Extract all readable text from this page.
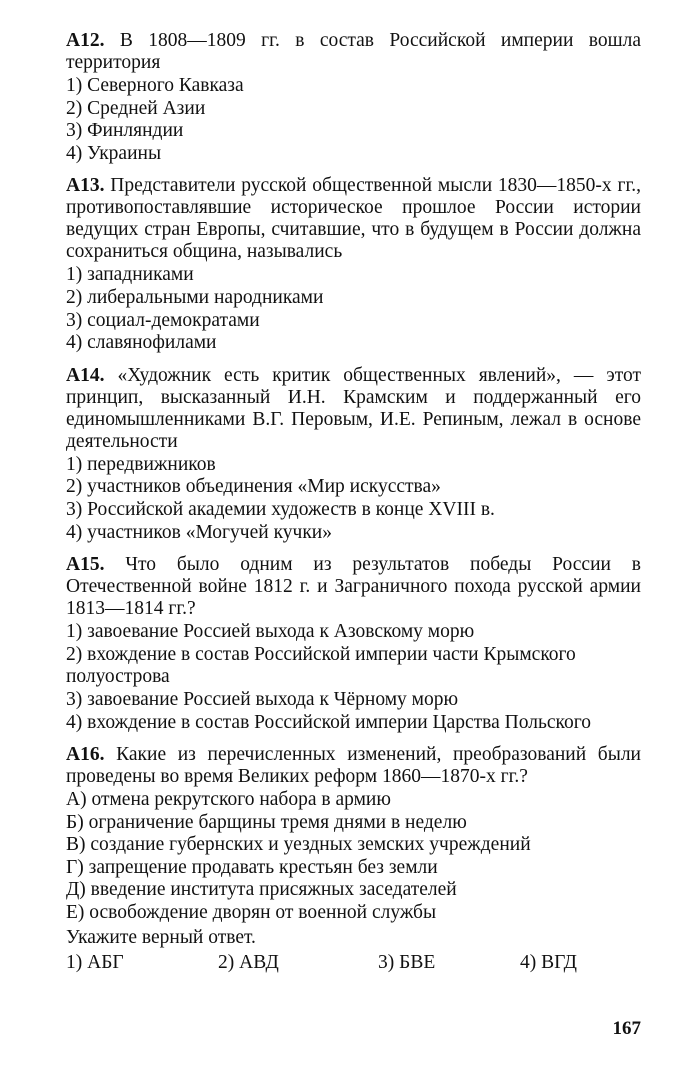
А12. В 1808—1809 гг. в состав Российской империи вошла территория
1) Северного Кавказа
2) Средней Азии
3) Финляндии
4) Украины
А13. Представители русской общественной мысли 1830—1850-х гг., противопоставлявшие историческое прошлое России истории ведущих стран Европы, считавшие, что в будущем в России должна сохраниться община, назывались
1) западниками
2) либеральными народниками
3) социал-демократами
4) славянофилами
А14. «Художник есть критик общественных явлений», — этот принцип, высказанный И.Н. Крамским и поддержанный его единомышленниками В.Г. Перовым, И.Е. Репиным, лежал в основе деятельности
1) передвижников
2) участников объединения «Мир искусства»
3) Российской академии художеств в конце XVIII в.
4) участников «Могучей кучки»
А15. Что было одним из результатов победы России в Отечественной войне 1812 г. и Заграничного похода русской армии 1813—1814 гг.?
1) завоевание Россией выхода к Азовскому морю
2) вхождение в состав Российской империи части Крымского полуострова
3) завоевание Россией выхода к Чёрному морю
4) вхождение в состав Российской империи Царства Польского
А16. Какие из перечисленных изменений, преобразований были проведены во время Великих реформ 1860—1870-х гг.?
А) отмена рекрутского набора в армию
Б) ограничение барщины тремя днями в неделю
В) создание губернских и уездных земских учреждений
Г) запрещение продавать крестьян без земли
Д) введение института присяжных заседателей
Е) освобождение дворян от военной службы
Укажите верный ответ.
1) АБГ	2) АВД	3) БВЕ	4) ВГД
167
